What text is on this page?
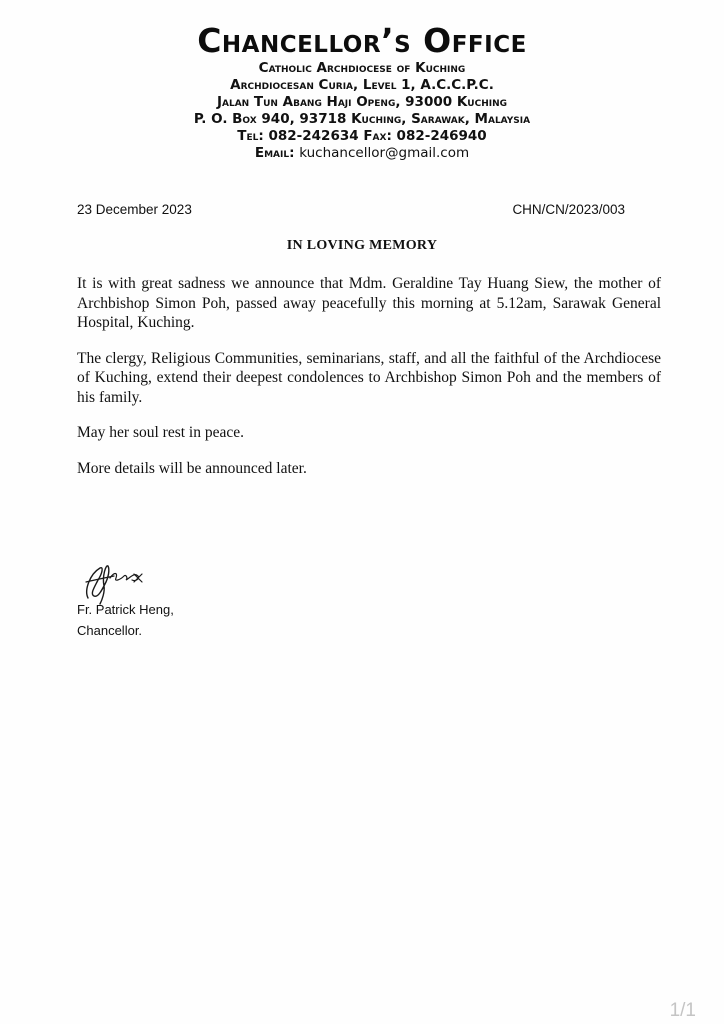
Chancellor’s Office
Catholic Archdiocese of Kuching
Archdiocesan Curia, Level 1, A.C.C.P.C.
Jalan Tun Abang Haji Openg, 93000 Kuching
P. O. Box 940, 93718 Kuching, Sarawak, Malaysia
Tel: 082-242634 Fax: 082-246940
Email: kuchancellor@gmail.com
23 December 2023	CHN/CN/2023/003
IN LOVING MEMORY

It is with great sadness we announce that Mdm. Geraldine Tay Huang Siew, the mother of Archbishop Simon Poh, passed away peacefully this morning at 5.12am, Sarawak General Hospital, Kuching.

The clergy, Religious Communities, seminarians, staff, and all the faithful of the Archdiocese of Kuching, extend their deepest condolences to Archbishop Simon Poh and the members of his family.

May her soul rest in peace.

More details will be announced later.

Fr. Patrick Heng,
Chancellor.
1/1
